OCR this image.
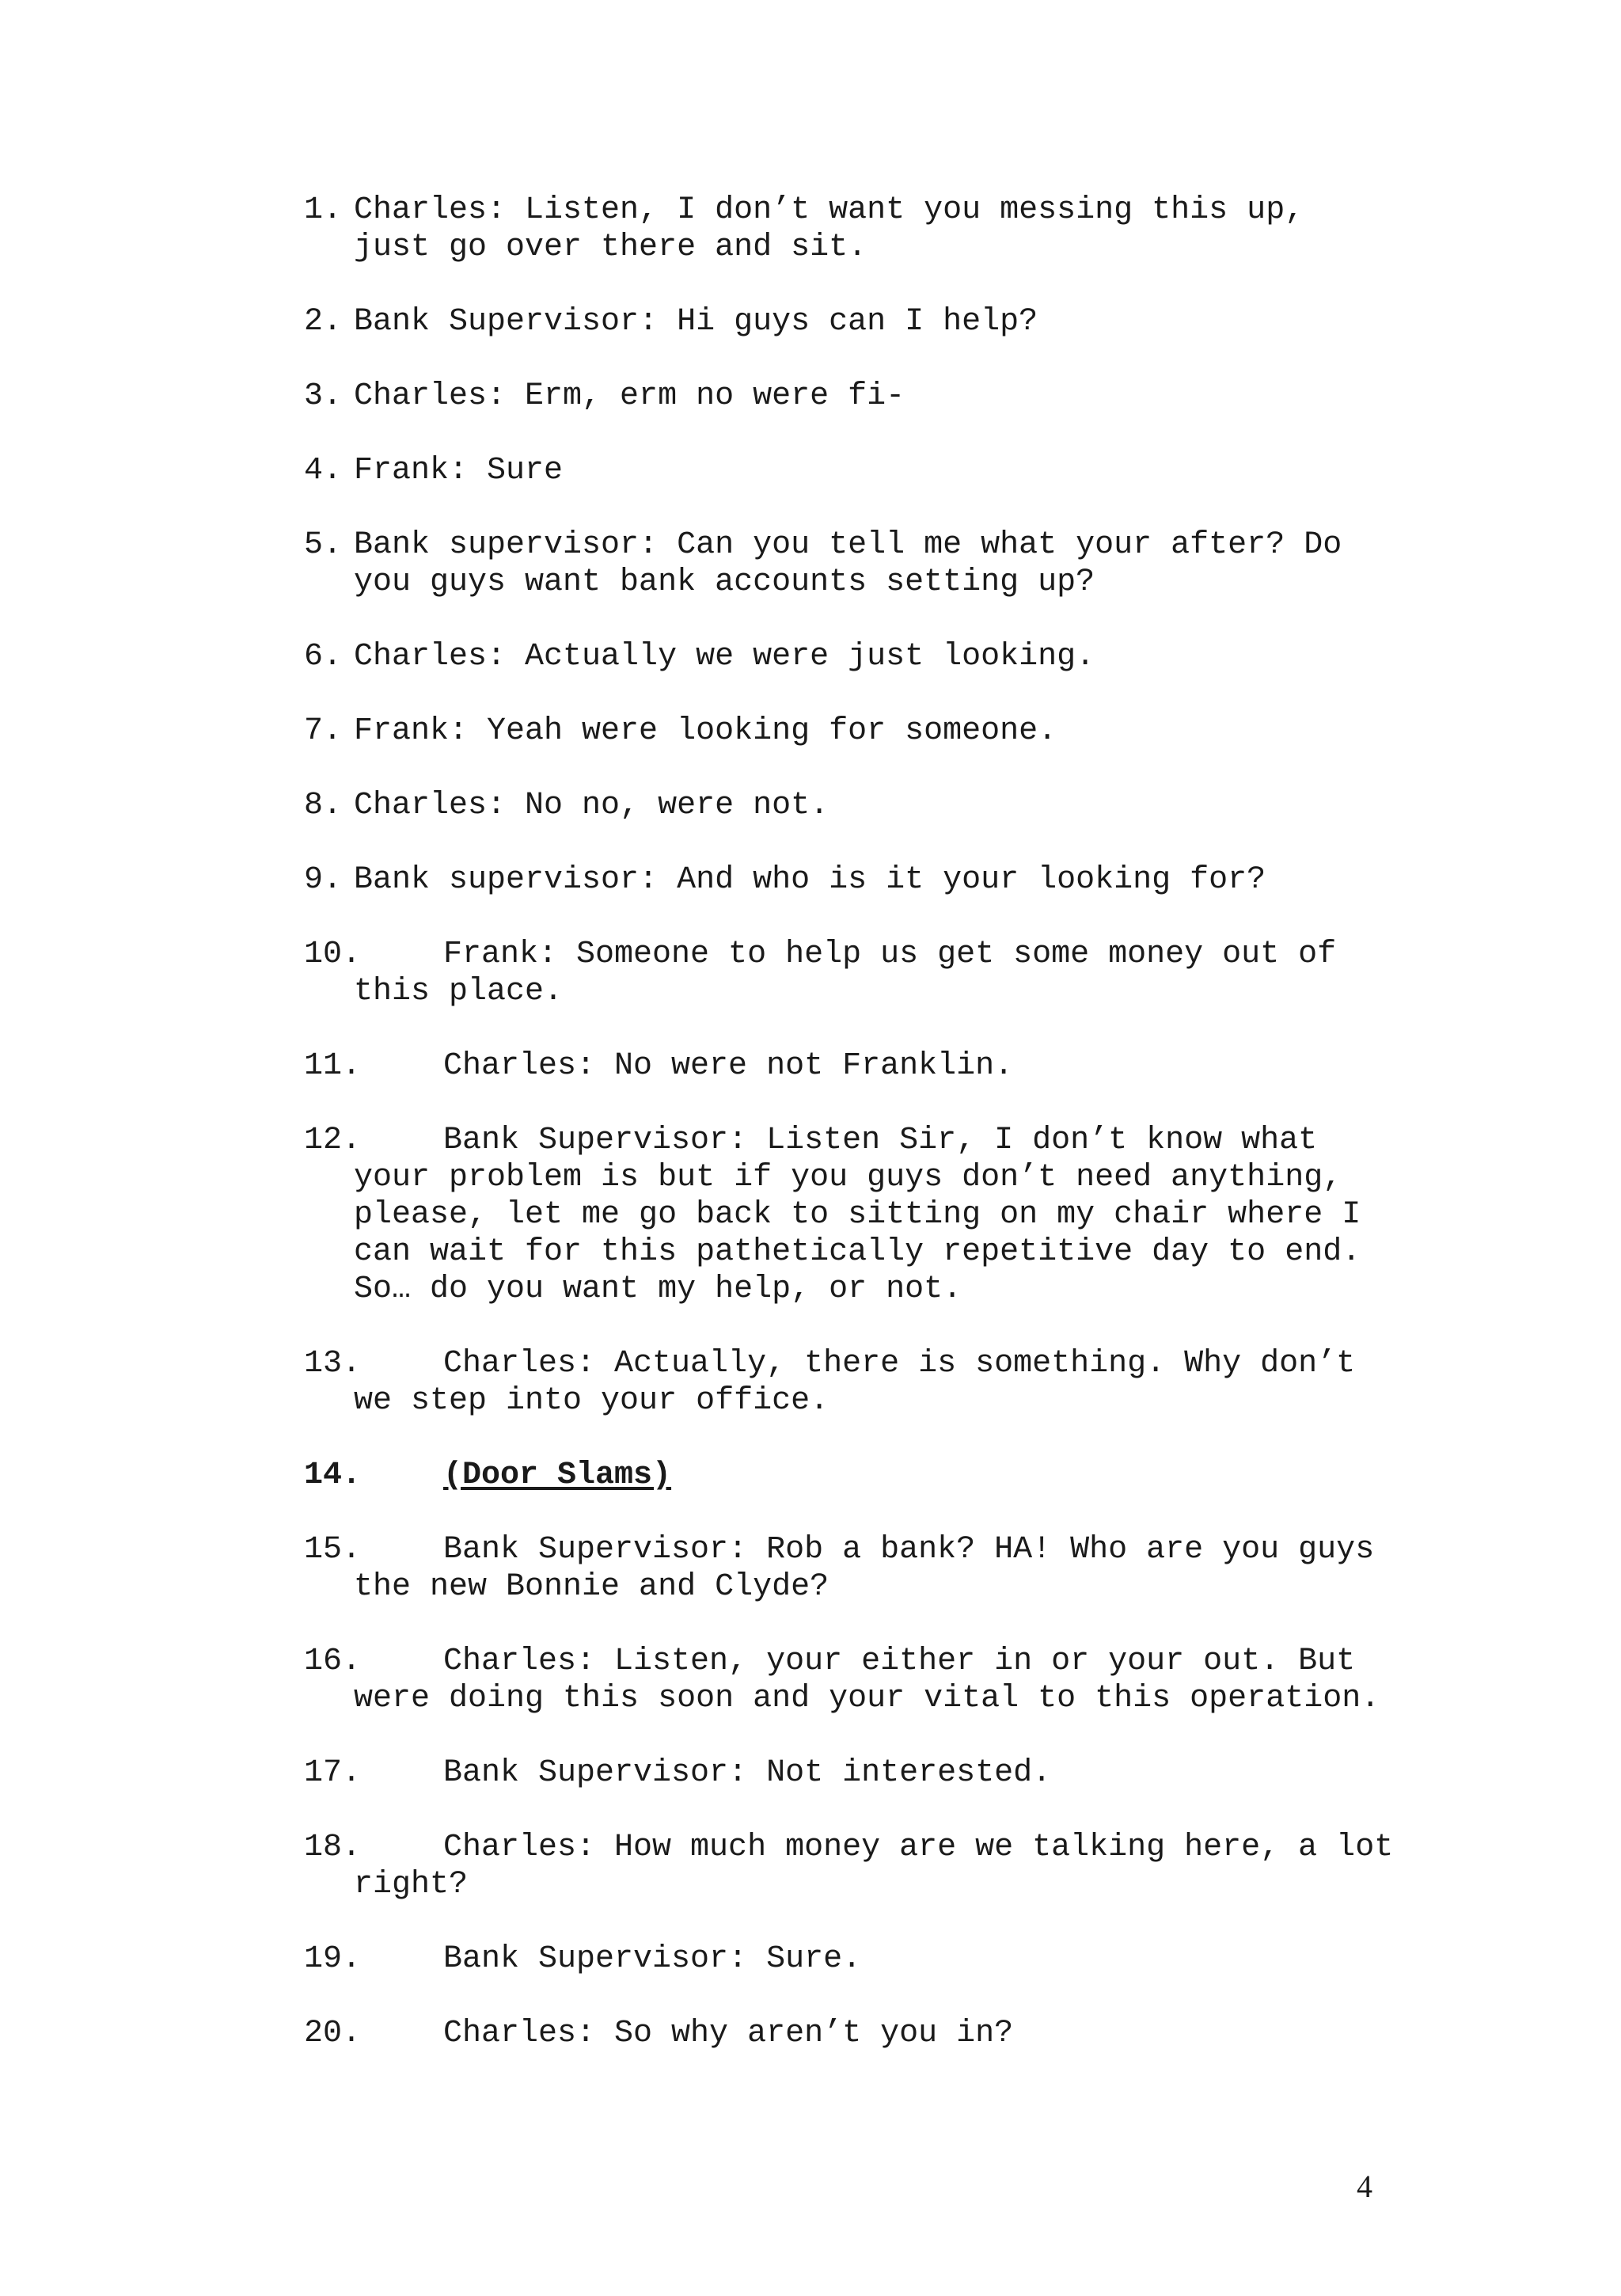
1. Charles: Listen, I don’t want you messing this up, just go over there and sit.
2. Bank Supervisor: Hi guys can I help?
3. Charles: Erm, erm no were fi-
4. Frank: Sure
5. Bank supervisor: Can you tell me what your after? Do you guys want bank accounts setting up?
6. Charles: Actually we were just looking.
7. Frank: Yeah were looking for someone.
8. Charles: No no, were not.
9. Bank supervisor: And who is it your looking for?
10.	Frank: Someone to help us get some money out of this place.
11.	Charles: No were not Franklin.
12.	Bank Supervisor: Listen Sir, I don’t know what your problem is but if you guys don’t need anything, please, let me go back to sitting on my chair where I can wait for this pathetically repetitive day to end. So… do you want my help, or not.
13.	Charles: Actually, there is something. Why don’t we step into your office.
14.	(Door Slams)
15.	Bank Supervisor: Rob a bank? HA! Who are you guys the new Bonnie and Clyde?
16.	Charles: Listen, your either in or your out. But were doing this soon and your vital to this operation.
17.	Bank Supervisor: Not interested.
18.	Charles: How much money are we talking here, a lot right?
19.	Bank Supervisor: Sure.
20.	Charles: So why aren’t you in?
4
